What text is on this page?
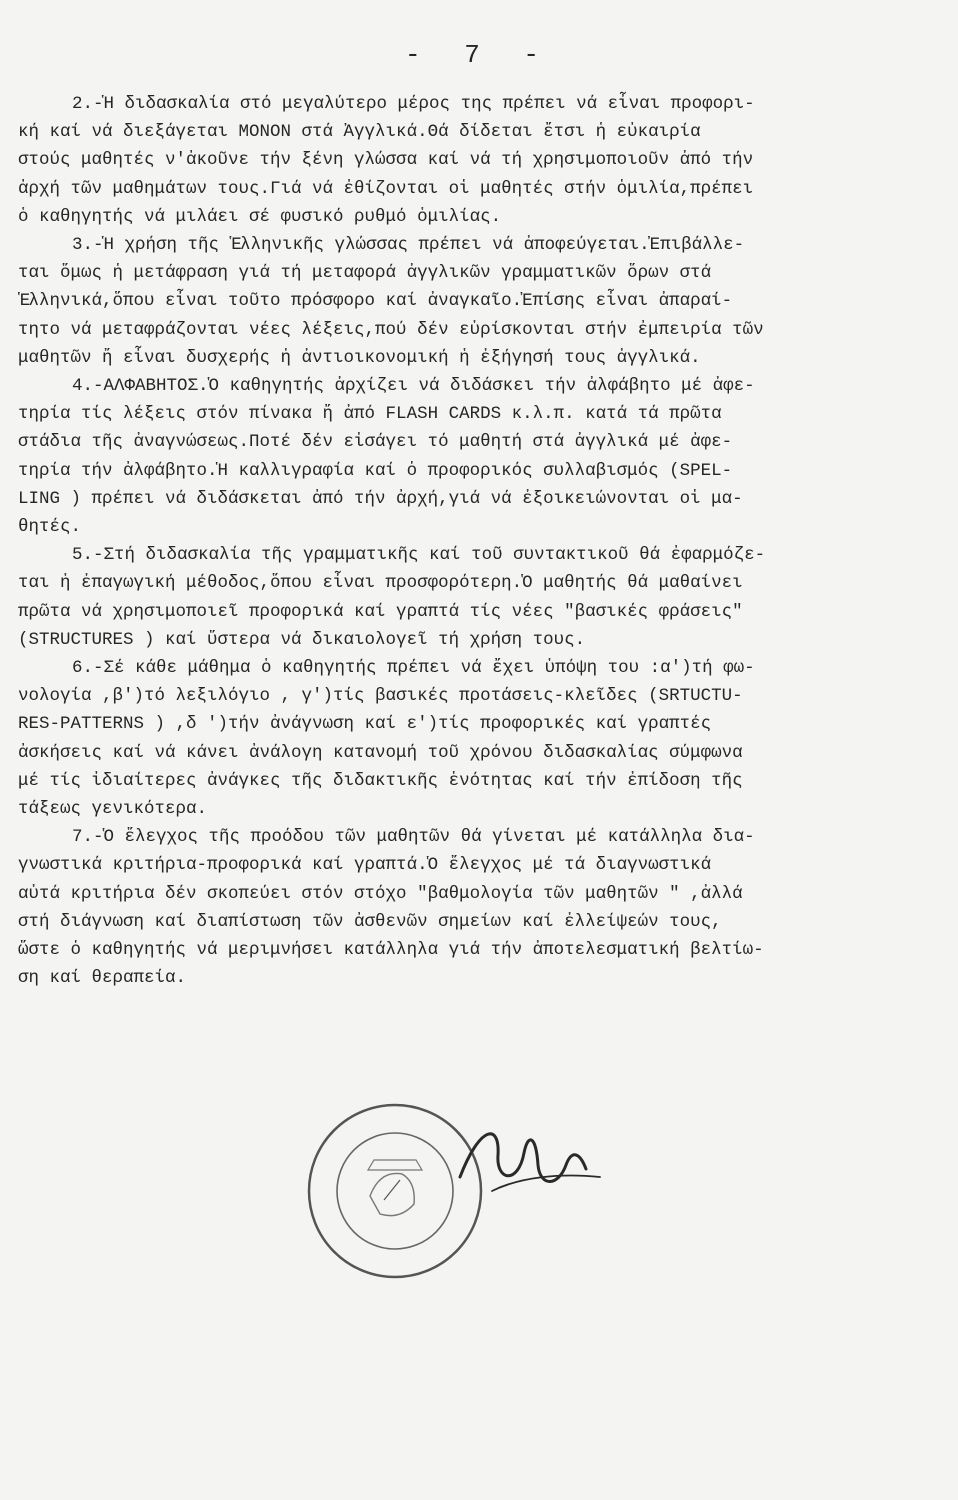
- 7 -
2.-Ἡ διδασκαλία στό μεγαλύτερο μέρος της πρέπει νά εἶναι προφορι-
κή καί νά διεξάγεται ΜΟΝΟΝ στά Ἀγγλικά.Θά δίδεται ἔτσι ἡ εὐκαιρία
στούς μαθητές ν'ἀκοῦνε τήν ξένη γλώσσα καί νά τή χρησιμοποιοῦν ἀπό τήν
ἀρχή τῶν μαθημάτων τους.Γιά νά ἐθίζονται οἱ μαθητές στήν ὁμιλία,πρέπει
ὁ καθηγητής νά μιλάει σέ φυσικό ρυθμό ὁμιλίας.
3.-Ἡ χρήση τῆς Ἑλληνικῆς γλώσσας πρέπει νά ἀποφεύγεται.Ἐπιβάλλε-
ται ὅμως ἡ μετάφραση γιά τή μεταφορά ἀγγλικῶν γραμματικῶν ὅρων στά
Ἑλληνικά,ὅπου εἶναι τοῦτο πρόσφορο καί ἀναγκαῖο.Ἐπίσης εἶναι ἀπαραί-
τητο νά μεταφράζονται νέες λέξεις,πού δέν εὑρίσκονται στήν ἐμπειρία τῶν
μαθητῶν ἤ εἶναι δυσχερής ἡ ἀντιοικονομική ἡ ἐξήγησή τους ἀγγλικά.
4.-ΑΛΦΑΒΗΤΟΣ.Ὁ καθηγητής ἀρχίζει νά διδάσκει τήν ἀλφάβητο μέ ἀφε-
τηρία τίς λέξεις στόν πίνακα ἤ ἀπό FLASH CARDS κ.λ.π. κατά τά πρῶτα
στάδια τῆς ἀναγνώσεως.Ποτέ δέν εἰσάγει τό μαθητή στά ἀγγλικά μέ ἀφε-
τηρία τήν ἀλφάβητο.Ἡ καλλιγραφία καί ὁ προφορικός συλλαβισμός (SPEL-
LING ) πρέπει νά διδάσκεται ἀπό τήν ἀρχή,γιά νά ἐξοικειώνονται οἱ μα-
θητές.
5.-Στή διδασκαλία τῆς γραμματικῆς καί τοῦ συντακτικοῦ θά ἐφαρμόζε-
ται ἡ ἐπαγωγική μέθοδος,ὅπου εἶναι προσφορότερη.Ὁ μαθητής θά μαθαίνει
πρῶτα νά χρησιμοποιεῖ προφορικά καί γραπτά τίς νέες "βασικές φράσεις"
(STRUCTURES ) καί ὕστερα νά δικαιολογεῖ τή χρήση τους.
6.-Σέ κάθε μάθημα ὁ καθηγητής πρέπει νά ἔχει ὑπόψη του :α')τή φω-
νολογία ,β')τό λεξιλόγιο , γ')τίς βασικές προτάσεις-κλεῖδες (SRTUCTU-
RES-PATTERNS ) ,δ ')τήν ἀνάγνωση καί ε')τίς προφορικές καί γραπτές
ἀσκήσεις καί νά κάνει ἀνάλογη κατανομή τοῦ χρόνου διδασκαλίας σύμφωνα
μέ τίς ἰδιαίτερες ἀνάγκες τῆς διδακτικῆς ἑνότητας καί τήν ἐπίδοση τῆς
τάξεως γενικότερα.
7.-Ὁ ἔλεγχος τῆς προόδου τῶν μαθητῶν θά γίνεται μέ κατάλληλα δια-
γνωστικά κριτήρια-προφορικά καί γραπτά.Ὁ ἔλεγχος μέ τά διαγνωστικά
αὐτά κριτήρια δέν σκοπεύει στόν στόχο "βαθμολογία τῶν μαθητῶν " ,ἀλλά
στή διάγνωση καί διαπίστωση τῶν ἀσθενῶν σημείων καί ἐλλείψεών τους,
ὥστε ὁ καθηγητής νά μεριμνήσει κατάλληλα γιά τήν ἀποτελεσματική βελτίω-
ση καί θεραπεία.
